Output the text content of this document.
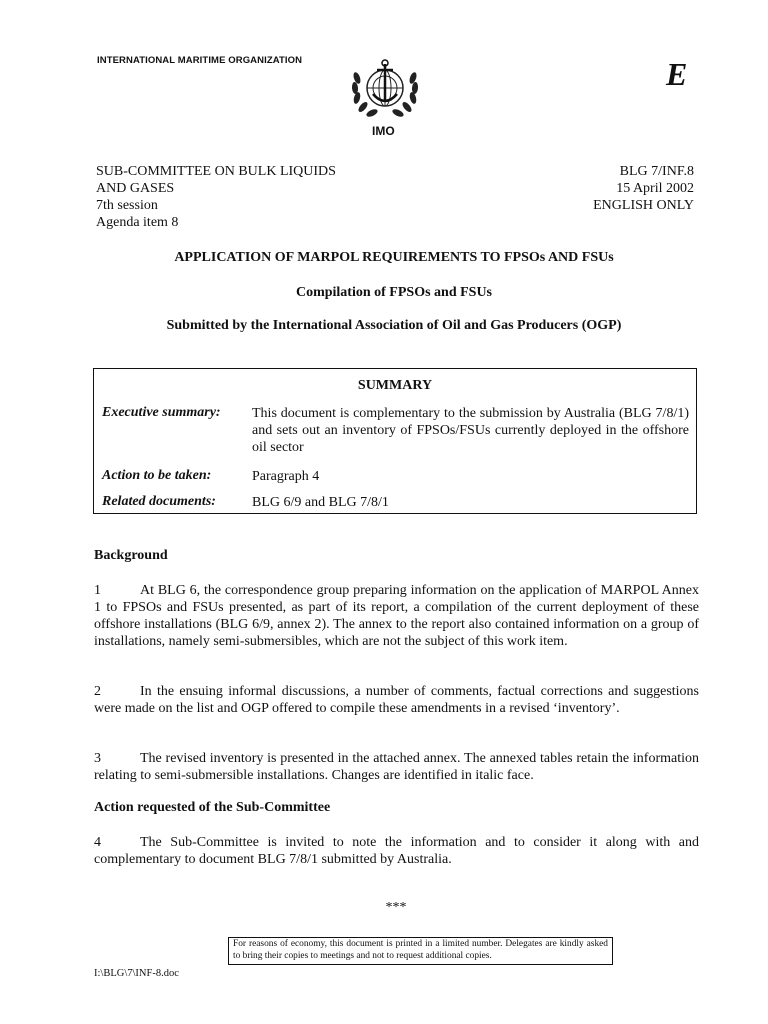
INTERNATIONAL MARITIME ORGANIZATION	E
IMO
SUB-COMMITTEE ON BULK LIQUIDS
AND GASES
7th session
Agenda item 8
BLG 7/INF.8
15 April 2002
ENGLISH ONLY
APPLICATION OF MARPOL REQUIREMENTS TO FPSOs AND FSUs
Compilation of FPSOs and FSUs
Submitted by the International Association of Oil and Gas Producers (OGP)
SUMMARY
Executive summary: This document is complementary to the submission by Australia (BLG 7/8/1) and sets out an inventory of FPSOs/FSUs currently deployed in the offshore oil sector
Action to be taken:	Paragraph 4
Related documents:	BLG 6/9 and BLG 7/8/1
Background
1	At BLG 6, the correspondence group preparing information on the application of MARPOL Annex 1 to FPSOs and FSUs presented, as part of its report, a compilation of the current deployment of these offshore installations (BLG 6/9, annex 2). The annex to the report also contained information on a group of installations, namely semi-submersibles, which are not the subject of this work item.
2	In the ensuing informal discussions, a number of comments, factual corrections and suggestions were made on the list and OGP offered to compile these amendments in a revised ‘inventory’.
3	The revised inventory is presented in the attached annex. The annexed tables retain the information relating to semi-submersible installations. Changes are identified in italic face.
Action requested of the Sub-Committee
4	The Sub-Committee is invited to note the information and to consider it along with and complementary to document BLG 7/8/1 submitted by Australia.
***
For reasons of economy, this document is printed in a limited number. Delegates are kindly asked to bring their copies to meetings and not to request additional copies.
I:\BLG\7\INF-8.doc
